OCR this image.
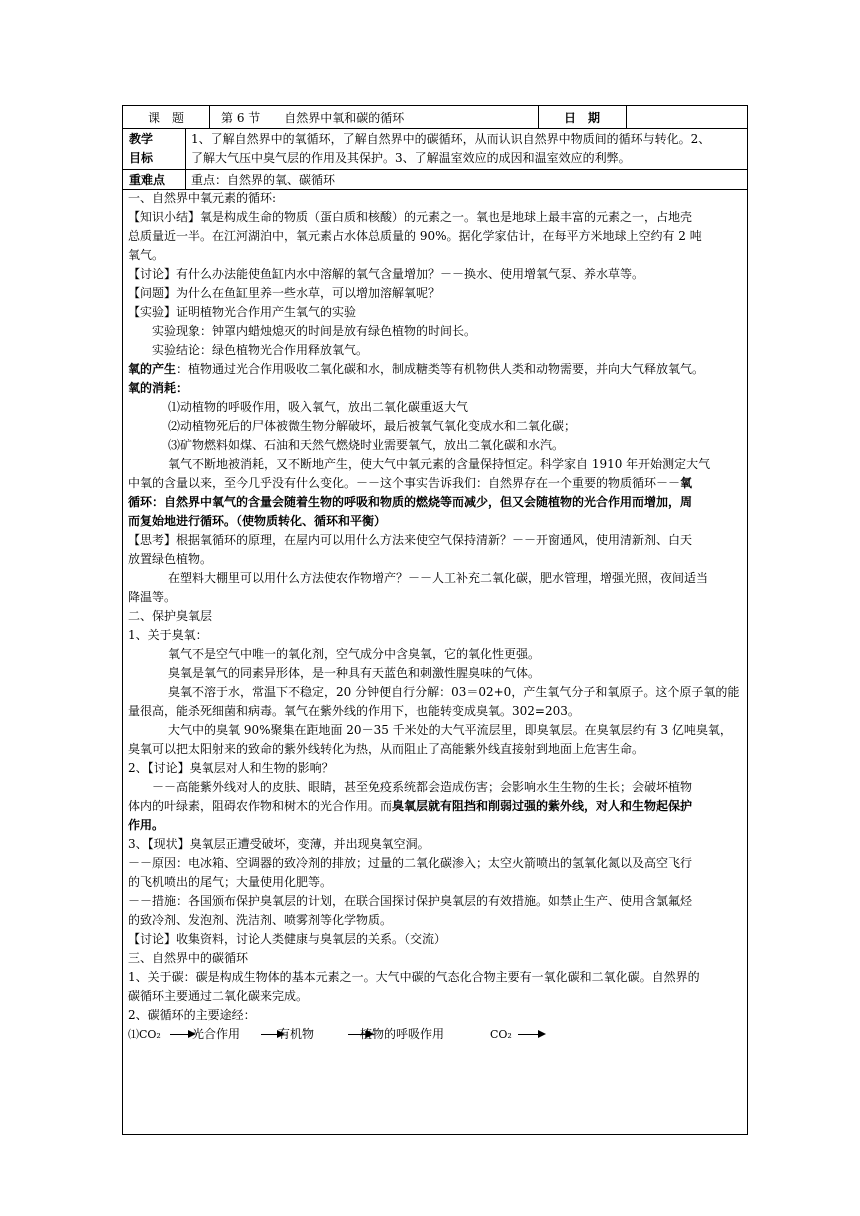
课　题	第 6 节　　自然界中氧和碳的循环	日　期
教学
目标
1、了解自然界中的氧循环，了解自然界中的碳循环，从而认识自然界中物质间的循环与转化。2、
了解大气压中臭气层的作用及其保护。3、了解温室效应的成因和温室效应的利弊。
重难点 重点：自然界的氧、碳循环

一、自然界中氧元素的循环:

【知识小结】氧是构成生命的物质（蛋白质和核酸）的元素之一。氧也是地球上最丰富的元素之一，占地壳

总质量近一半。在江河湖泊中，氧元素占水体总质量的 90%。据化学家估计，在每平方米地球上空约有 2 吨

氧气。

【讨论】有什么办法能使鱼缸内水中溶解的氧气含量增加？－－换水、使用增氧气泵、养水草等。

【问题】为什么在鱼缸里养一些水草，可以增加溶解氧呢？

【实验】证明植物光合作用产生氧气的实验

实验现象：钟罩内蜡烛熄灭的时间是放有绿色植物的时间长。

实验结论：绿色植物光合作用释放氧气。

氧的产生：植物通过光合作用吸收二氧化碳和水，制成糖类等有机物供人类和动物需要，并向大气释放氧气。

氧的消耗：

⑴动植物的呼吸作用，吸入氧气，放出二氧化碳重返大气

⑵动植物死后的尸体被微生物分解破坏，最后被氧气氧化变成水和二氧化碳；

⑶矿物燃料如煤、石油和天然气燃烧时业需要氧气，放出二氧化碳和水汽。

氧气不断地被消耗，又不断地产生，使大气中氧元素的含量保持恒定。科学家自 1910 年开始测定大气

中氧的含量以来，至今几乎没有什么变化。－－这个事实告诉我们：自然界存在一个重要的物质循环－－氧

循环：自然界中氧气的含量会随着生物的呼吸和物质的燃烧等而减少，但又会随植物的光合作用而增加，周

而复始地进行循环。（使物质转化、循环和平衡）

【思考】根据氧循环的原理，在屋内可以用什么方法来使空气保持清新？－－开窗通风，使用清新剂、白天

放置绿色植物。

在塑料大棚里可以用什么方法使农作物增产？－－人工补充二氧化碳，肥水管理，增强光照，夜间适当

降温等。

二、保护臭氧层

1、关于臭氧：

氧气不是空气中唯一的氧化剂，空气成分中含臭氧，它的氧化性更强。

臭氧是氧气的同素异形体，是一种具有天蓝色和刺激性腥臭味的气体。

臭氧不溶于水，常温下不稳定，20 分钟便自行分解：03＝02+0，产生氧气分子和氧原子。这个原子氧的能

量很高，能杀死细菌和病毒。氧气在紫外线的作用下，也能转变成臭氧。302=203。

大气中的臭氧 90%聚集在距地面 20－35 千米处的大气平流层里，即臭氧层。在臭氧层约有 3 亿吨臭氧，

臭氧可以把太阳射来的致命的紫外线转化为热，从而阻止了高能紫外线直接射到地面上危害生命。

2、【讨论】臭氧层对人和生物的影响？

－－高能紫外线对人的皮肤、眼睛，甚至免疫系统都会造成伤害；会影响水生生物的生长；会破坏植物

体内的叶绿素，阻碍农作物和树木的光合作用。而臭氧层就有阻挡和削弱过强的紫外线，对人和生物起保护

作用。

3、【现状】臭氧层正遭受破坏，变薄，并出现臭氧空洞。

－－原因：电冰箱、空调器的致冷剂的排放；过量的二氧化碳渗入；太空火箭喷出的氢氧化氮以及高空飞行

的飞机喷出的尾气；大量使用化肥等。

－－措施：各国颁布保护臭氧层的计划，在联合国探讨保护臭氧层的有效措施。如禁止生产、使用含氯氟烃

的致冷剂、发泡剂、洗洁剂、喷雾剂等化学物质。

【讨论】收集资料，讨论人类健康与臭氧层的关系。（交流）

三、自然界中的碳循环

1、关于碳：碳是构成生物体的基本元素之一。大气中碳的气态化合物主要有一氧化碳和二氧化碳。自然界的

碳循环主要通过二氧化碳来完成。

2、碳循环的主要途经：

⑴CO₂	光合作用	有机物	植物的呼吸作用	CO₂
